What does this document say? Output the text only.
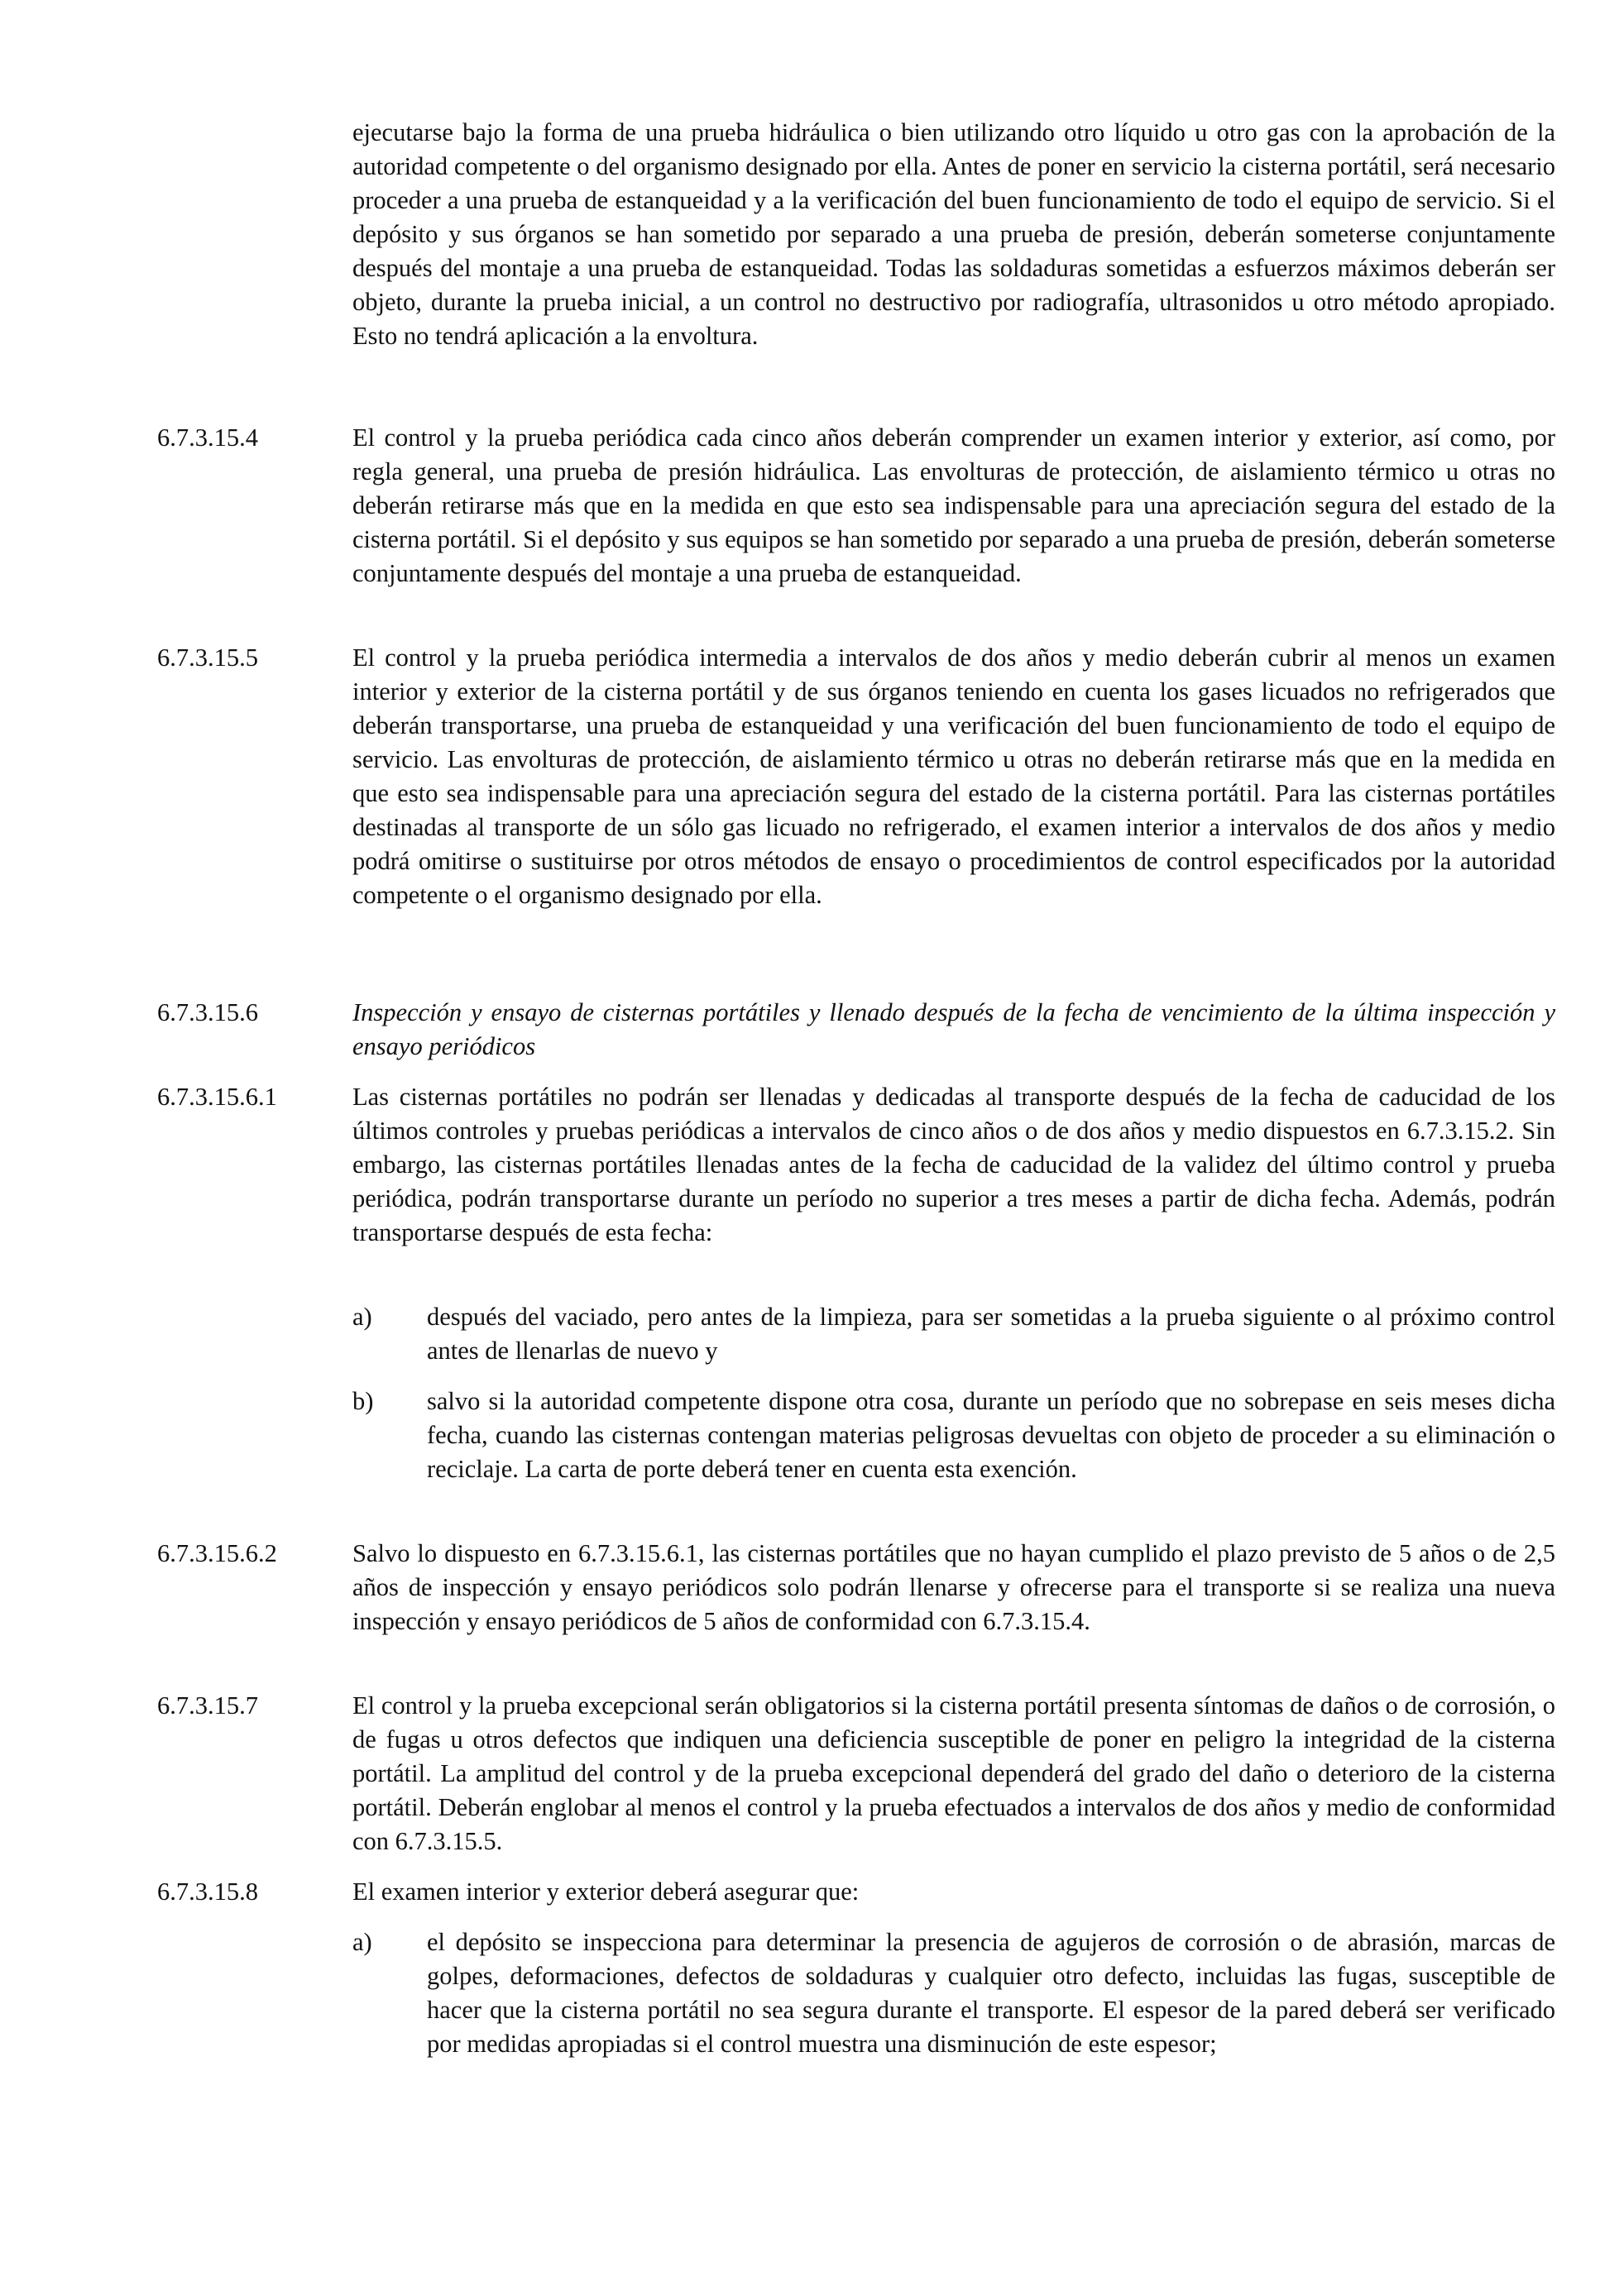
ejecutarse bajo la forma de una prueba hidráulica o bien utilizando otro líquido u otro gas con la aprobación de la autoridad competente o del organismo designado por ella. Antes de poner en servicio la cisterna portátil, será necesario proceder a una prueba de estanqueidad y a la verificación del buen funcionamiento de todo el equipo de servicio. Si el depósito y sus órganos se han sometido por separado a una prueba de presión, deberán someterse conjuntamente después del montaje a una prueba de estanqueidad. Todas las soldaduras sometidas a esfuerzos máximos deberán ser objeto, durante la prueba inicial, a un control no destructivo por radiografía, ultrasonidos u otro método apropiado. Esto no tendrá aplicación a la envoltura.
6.7.3.15.4	El control y la prueba periódica cada cinco años deberán comprender un examen interior y exterior, así como, por regla general, una prueba de presión hidráulica. Las envolturas de protección, de aislamiento térmico u otras no deberán retirarse más que en la medida en que esto sea indispensable para una apreciación segura del estado de la cisterna portátil. Si el depósito y sus equipos se han sometido por separado a una prueba de presión, deberán someterse conjuntamente después del montaje a una prueba de estanqueidad.
6.7.3.15.5	El control y la prueba periódica intermedia a intervalos de dos años y medio deberán cubrir al menos un examen interior y exterior de la cisterna portátil y de sus órganos teniendo en cuenta los gases licuados no refrigerados que deberán transportarse, una prueba de estanqueidad y una verificación del buen funcionamiento de todo el equipo de servicio. Las envolturas de protección, de aislamiento térmico u otras no deberán retirarse más que en la medida en que esto sea indispensable para una apreciación segura del estado de la cisterna portátil. Para las cisternas portátiles destinadas al transporte de un sólo gas licuado no refrigerado, el examen interior a intervalos de dos años y medio podrá omitirse o sustituirse por otros métodos de ensayo o procedimientos de control especificados por la autoridad competente o el organismo designado por ella.
6.7.3.15.6	Inspección y ensayo de cisternas portátiles y llenado después de la fecha de vencimiento de la última inspección y ensayo periódicos
6.7.3.15.6.1	Las cisternas portátiles no podrán ser llenadas y dedicadas al transporte después de la fecha de caducidad de los últimos controles y pruebas periódicas a intervalos de cinco años o de dos años y medio dispuestos en 6.7.3.15.2. Sin embargo, las cisternas portátiles llenadas antes de la fecha de caducidad de la validez del último control y prueba periódica, podrán transportarse durante un período no superior a tres meses a partir de dicha fecha. Además, podrán transportarse después de esta fecha:
a)	después del vaciado, pero antes de la limpieza, para ser sometidas a la prueba siguiente o al próximo control antes de llenarlas de nuevo y
b)	salvo si la autoridad competente dispone otra cosa, durante un período que no sobrepase en seis meses dicha fecha, cuando las cisternas contengan materias peligrosas devueltas con objeto de proceder a su eliminación o reciclaje. La carta de porte deberá tener en cuenta esta exención.
6.7.3.15.6.2	Salvo lo dispuesto en 6.7.3.15.6.1, las cisternas portátiles que no hayan cumplido el plazo previsto de 5 años o de 2,5 años de inspección y ensayo periódicos solo podrán llenarse y ofrecerse para el transporte si se realiza una nueva inspección y ensayo periódicos de 5 años de conformidad con 6.7.3.15.4.
6.7.3.15.7	El control y la prueba excepcional serán obligatorios si la cisterna portátil presenta síntomas de daños o de corrosión, o de fugas u otros defectos que indiquen una deficiencia susceptible de poner en peligro la integridad de la cisterna portátil. La amplitud del control y de la prueba excepcional dependerá del grado del daño o deterioro de la cisterna portátil. Deberán englobar al menos el control y la prueba efectuados a intervalos de dos años y medio de conformidad con 6.7.3.15.5.
6.7.3.15.8	El examen interior y exterior deberá asegurar que:
a)	el depósito se inspecciona para determinar la presencia de agujeros de corrosión o de abrasión, marcas de golpes, deformaciones, defectos de soldaduras y cualquier otro defecto, incluidas las fugas, susceptible de hacer que la cisterna portátil no sea segura durante el transporte. El espesor de la pared deberá ser verificado por medidas apropiadas si el control muestra una disminución de este espesor;
